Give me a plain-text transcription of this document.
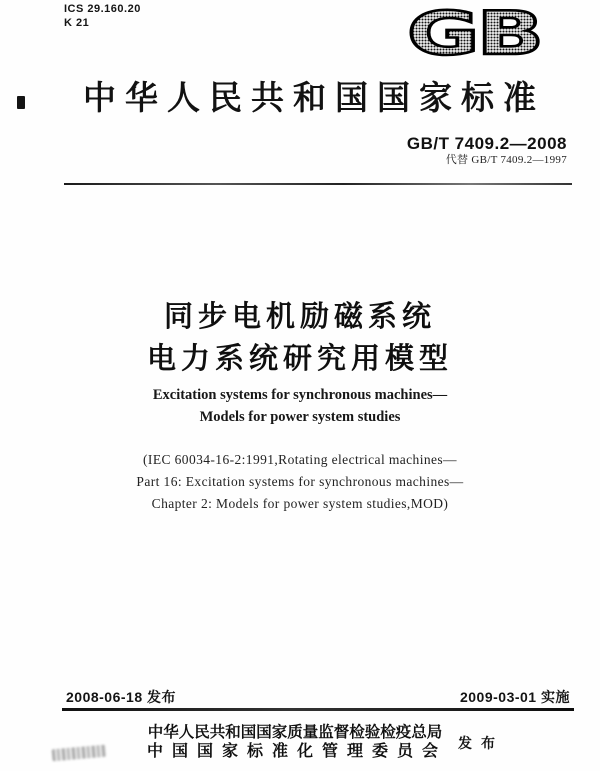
ICS 29.160.20
K 21	GB
中华人民共和国国家标准
GB/T 7409.2—2008
代替 GB/T 7409.2—1997
同步电机励磁系统
电力系统研究用模型
Excitation systems for synchronous machines—
Models for power system studies
(IEC 60034-16-2:1991,Rotating electrical machines—
Part 16: Excitation systems for synchronous machines—
Chapter 2: Models for power system studies,MOD)
2008-06-18 发布	2009-03-01 实施
中华人民共和国国家质量监督检验检疫总局
中国国家标准化管理委员会 发布
